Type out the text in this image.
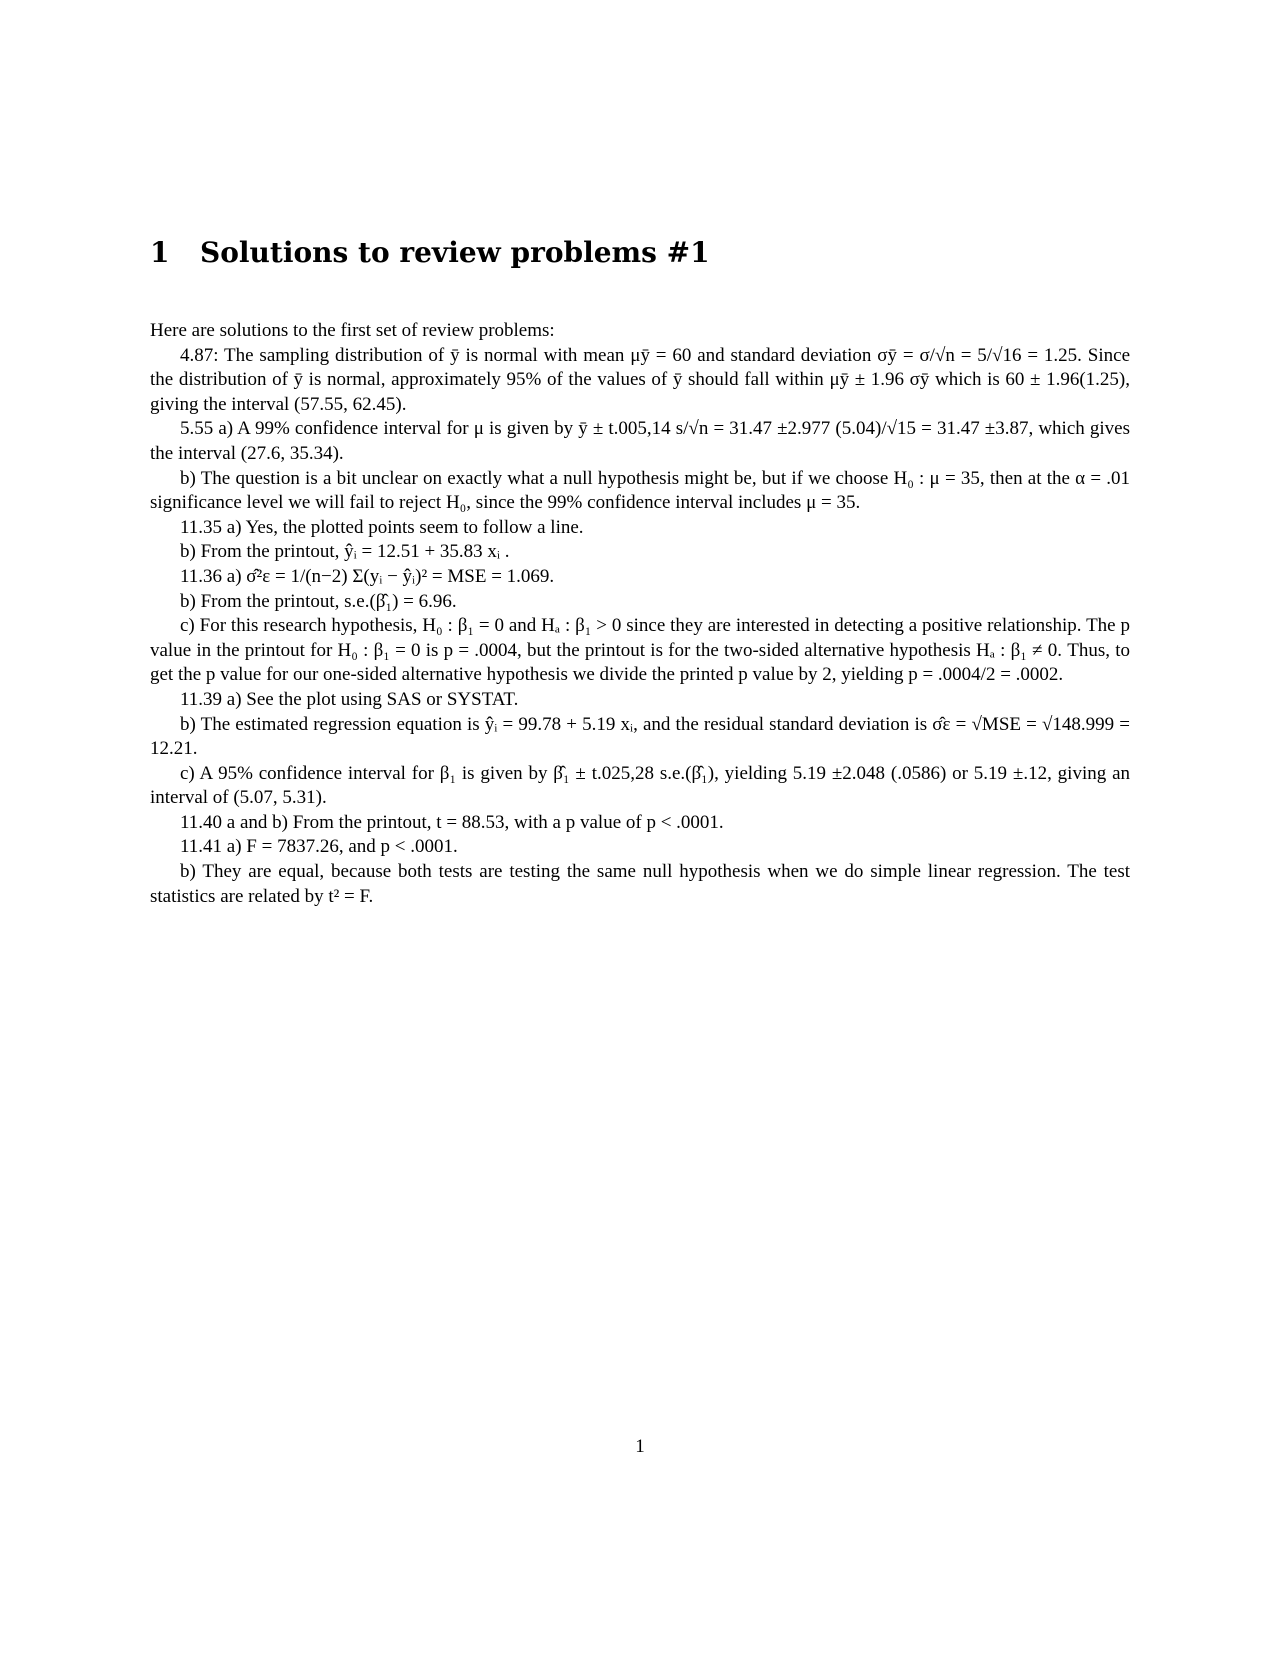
1 Solutions to review problems #1

Here are solutions to the first set of review problems:

4.87: The sampling distribution of ȳ is normal with mean μȳ = 60 and standard deviation σȳ = σ/√n = 5/√16 = 1.25. Since the distribution of ȳ is normal, approximately 95% of the values of ȳ should fall within μȳ ± 1.96 σȳ which is 60 ± 1.96(1.25), giving the interval (57.55, 62.45).

5.55 a) A 99% confidence interval for μ is given by ȳ ± t.005,14 s/√n = 31.47 ±2.977 (5.04)/√15 = 31.47 ±3.87, which gives the interval (27.6, 35.34).

b) The question is a bit unclear on exactly what a null hypothesis might be, but if we choose H₀ : μ = 35, then at the α = .01 significance level we will fail to reject H₀, since the 99% confidence interval includes μ = 35.

11.35 a) Yes, the plotted points seem to follow a line.

b) From the printout, ŷᵢ = 12.51 + 35.83 xᵢ .

11.36 a) σ̂²ε = 1/(n−2) Σ(yᵢ − ŷᵢ)² = MSE = 1.069.

b) From the printout, s.e.(β̂₁) = 6.96.

c) For this research hypothesis, H₀ : β₁ = 0 and Hₐ : β₁ > 0 since they are interested in detecting a positive relationship. The p value in the printout for H₀ : β₁ = 0 is p = .0004, but the printout is for the two-sided alternative hypothesis Hₐ : β₁ ≠ 0. Thus, to get the p value for our one-sided alternative hypothesis we divide the printed p value by 2, yielding p = .0004/2 = .0002.

11.39 a) See the plot using SAS or SYSTAT.

b) The estimated regression equation is ŷᵢ = 99.78 + 5.19 xᵢ, and the residual standard deviation is σ̂ε = √MSE = √148.999 = 12.21.

c) A 95% confidence interval for β₁ is given by β̂₁ ± t.025,28 s.e.(β̂₁), yielding 5.19 ±2.048 (.0586) or 5.19 ±.12, giving an interval of (5.07, 5.31).

11.40 a and b) From the printout, t = 88.53, with a p value of p < .0001.

11.41 a) F = 7837.26, and p < .0001.

b) They are equal, because both tests are testing the same null hypothesis when we do simple linear regression. The test statistics are related by t² = F.

1
